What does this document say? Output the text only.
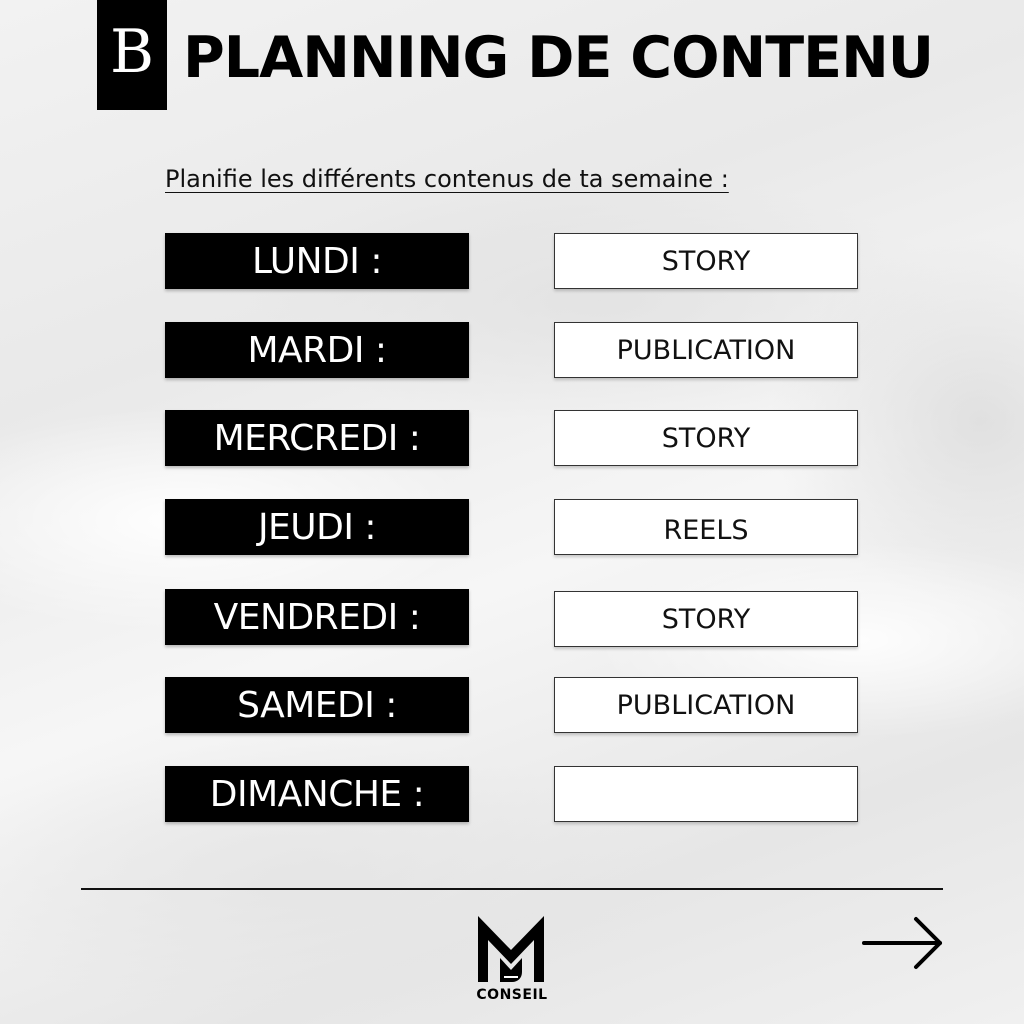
B PLANNING DE CONTENU
Planifie les différents contenus de ta semaine :
LUNDI :	STORY
MARDI :	PUBLICATION
MERCREDI :	STORY
JEUDI :	REELS
VENDREDI :	STORY
SAMEDI :	PUBLICATION
DIMANCHE :
CONSEIL
